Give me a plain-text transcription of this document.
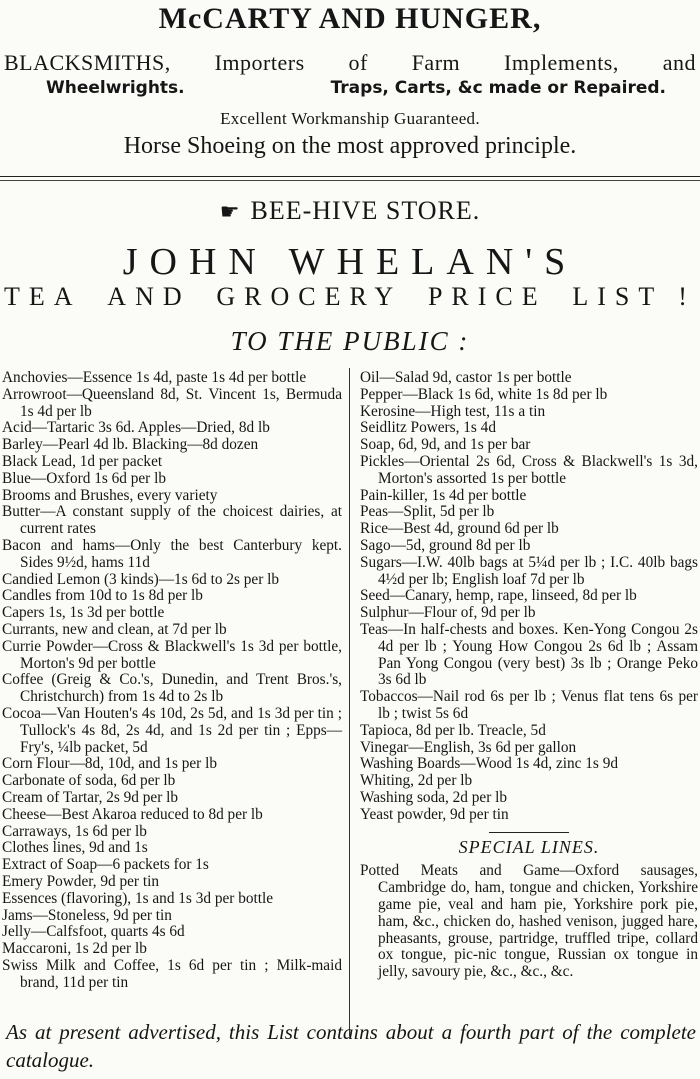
McCARTY AND HUNGER,
BLACKSMITHS, Importers of Farm Implements, and
Wheelwrights.	Traps, Carts, &c made or Repaired.
Excellent Workmanship Guaranteed.
Horse Shoeing on the most approved principle.
☛ BEE-HIVE STORE.
JOHN WHELAN'S
TEA AND GROCERY PRICE LIST !
TO THE PUBLIC :

Anchovies—Essence 1s 4d, paste 1s 4d per bottle

Arrowroot—Queensland 8d, St. Vincent 1s, Bermuda 1s 4d per lb

Acid—Tartaric 3s 6d. Apples—Dried, 8d lb

Barley—Pearl 4d lb. Blacking—8d dozen

Black Lead, 1d per packet

Blue—Oxford 1s 6d per lb

Brooms and Brushes, every variety

Butter—A constant supply of the choicest dairies, at current rates

Bacon and hams—Only the best Canterbury kept. Sides 9½d, hams 11d

Candied Lemon (3 kinds)—1s 6d to 2s per lb

Candles from 10d to 1s 8d per lb

Capers 1s, 1s 3d per bottle

Currants, new and clean, at 7d per lb

Currie Powder—Cross & Blackwell's 1s 3d per bottle, Morton's 9d per bottle

Coffee (Greig & Co.'s, Dunedin, and Trent Bros.'s, Christchurch) from 1s 4d to 2s lb

Cocoa—Van Houten's 4s 10d, 2s 5d, and 1s 3d per tin ; Tullock's 4s 8d, 2s 4d, and 1s 2d per tin ; Epps—Fry's, ¼lb packet, 5d

Corn Flour—8d, 10d, and 1s per lb

Carbonate of soda, 6d per lb

Cream of Tartar, 2s 9d per lb

Cheese—Best Akaroa reduced to 8d per lb

Carraways, 1s 6d per lb

Clothes lines, 9d and 1s

Extract of Soap—6 packets for 1s

Emery Powder, 9d per tin

Essences (flavoring), 1s and 1s 3d per bottle

Jams—Stoneless, 9d per tin

Jelly—Calfsfoot, quarts 4s 6d

Maccaroni, 1s 2d per lb

Swiss Milk and Coffee, 1s 6d per tin ; Milk-maid brand, 11d per tin

Oil—Salad 9d, castor 1s per bottle

Pepper—Black 1s 6d, white 1s 8d per lb

Kerosine—High test, 11s a tin

Seidlitz Powers, 1s 4d

Soap, 6d, 9d, and 1s per bar

Pickles—Oriental 2s 6d, Cross & Blackwell's 1s 3d, Morton's assorted 1s per bottle

Pain-killer, 1s 4d per bottle

Peas—Split, 5d per lb

Rice—Best 4d, ground 6d per lb

Sago—5d, ground 8d per lb

Sugars—I.W. 40lb bags at 5¼d per lb ; I.C. 40lb bags 4½d per lb; English loaf 7d per lb

Seed—Canary, hemp, rape, linseed, 8d per lb

Sulphur—Flour of, 9d per lb

Teas—In half-chests and boxes. Ken-Yong Congou 2s 4d per lb ; Young How Congou 2s 6d lb ; Assam Pan Yong Congou (very best) 3s lb ; Orange Peko 3s 6d lb

Tobaccos—Nail rod 6s per lb ; Venus flat tens 6s per lb ; twist 5s 6d

Tapioca, 8d per lb. Treacle, 5d

Vinegar—English, 3s 6d per gallon

Washing Boards—Wood 1s 4d, zinc 1s 9d

Whiting, 2d per lb

Washing soda, 2d per lb

Yeast powder, 9d per tin

SPECIAL LINES.

Potted Meats and Game—Oxford sausages, Cambridge do, ham, tongue and chicken, Yorkshire game pie, veal and ham pie, Yorkshire pork pie, ham, &c., chicken do, hashed venison, jugged hare, pheasants, grouse, partridge, truffled tripe, collard ox tongue, pic-nic tongue, Russian ox tongue in jelly, savoury pie, &c., &c., &c.

As at present advertised, this List contains about a fourth part of the complete catalogue.
